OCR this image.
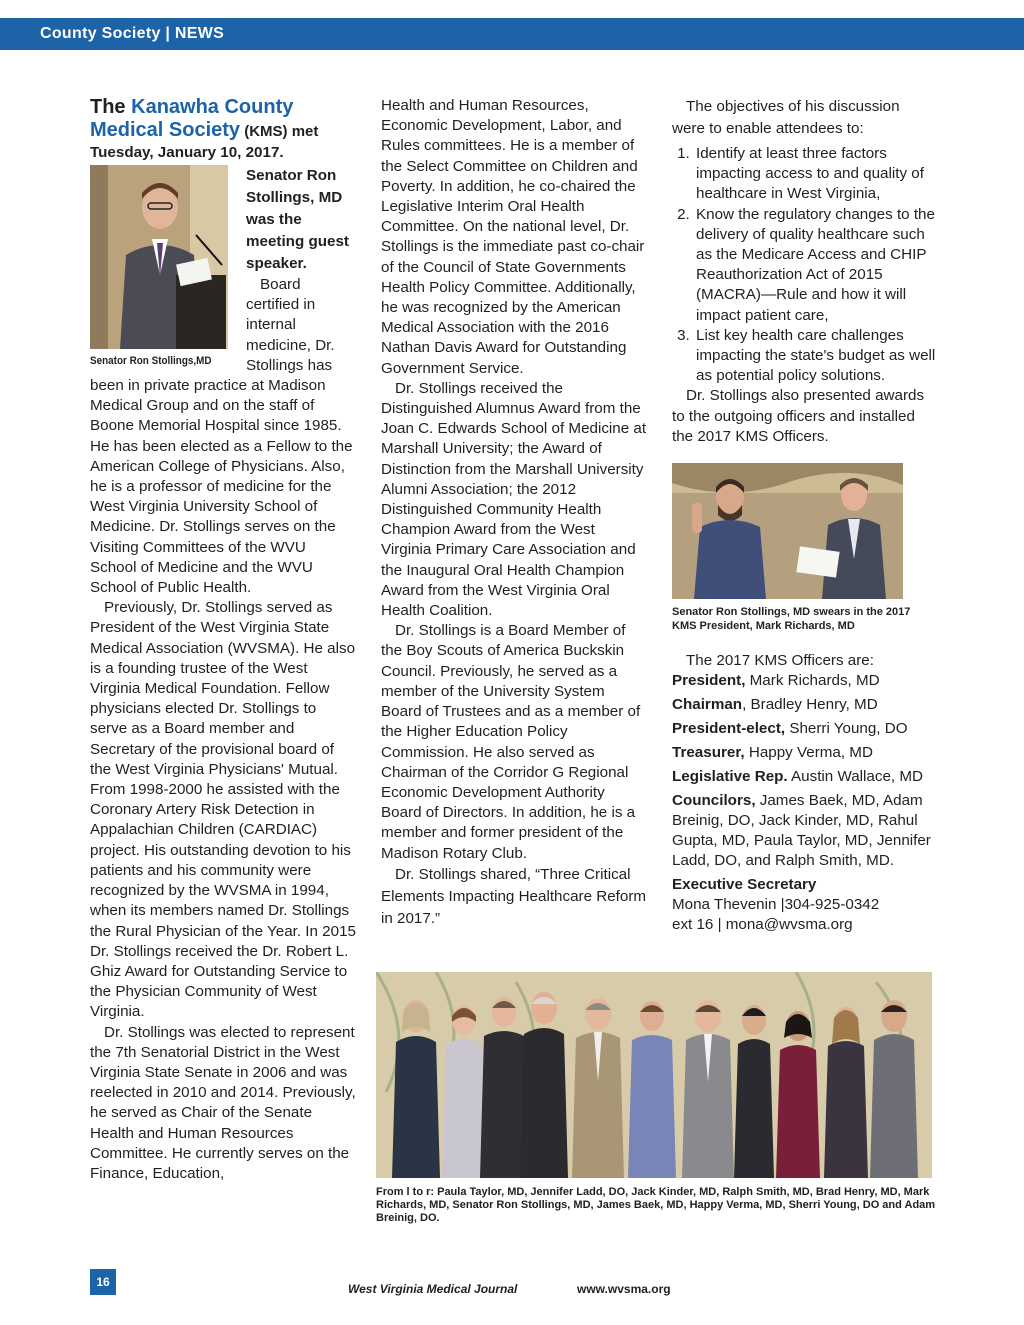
County Society | NEWS

The Kanawha County Medical Society (KMS) met

Tuesday, January 10, 2017.

Senator Ron Stollings,MD

Senator Ron Stollings, MD was the meeting guest speaker.

Board certified in internal medicine, Dr. Stollings has been in private practice at Madison Medical Group and on the staff of Boone Memorial Hospital since 1985. He has been elected as a Fellow to the American College of Physicians. Also, he is a professor of medicine for the West Virginia University School of Medicine. Dr. Stollings serves on the Visiting Committees of the WVU School of Medicine and the WVU School of Public Health.

Previously, Dr. Stollings served as President of the West Virginia State Medical Association (WVSMA). He also is a founding trustee of the West Virginia Medical Foundation. Fellow physicians elected Dr. Stollings to serve as a Board member and Secretary of the provisional board of the West Virginia Physicians' Mutual. From 1998-2000 he assisted with the Coronary Artery Risk Detection in Appalachian Children (CARDIAC) project. His outstanding devotion to his patients and his community were recognized by the WVSMA in 1994, when its members named Dr. Stollings the Rural Physician of the Year. In 2015 Dr. Stollings received the Dr. Robert L. Ghiz Award for Outstanding Service to the Physician Community of West Virginia.

Dr. Stollings was elected to represent the 7th Senatorial District in the West Virginia State Senate in 2006 and was reelected in 2010 and 2014. Previously, he served as Chair of the Senate Health and Human Resources Committee. He currently serves on the Finance, Education,

Health and Human Resources, Economic Development, Labor, and Rules committees. He is a member of the Select Committee on Children and Poverty. In addition, he co-chaired the Legislative Interim Oral Health Committee. On the national level, Dr. Stollings is the immediate past co-chair of the Council of State Governments Health Policy Committee. Additionally, he was recognized by the American Medical Association with the 2016 Nathan Davis Award for Outstanding Government Service.

Dr. Stollings received the Distinguished Alumnus Award from the Joan C. Edwards School of Medicine at Marshall University; the Award of Distinction from the Marshall University Alumni Association; the 2012 Distinguished Community Health Champion Award from the West Virginia Primary Care Association and the Inaugural Oral Health Champion Award from the West Virginia Oral Health Coalition.

Dr. Stollings is a Board Member of the Boy Scouts of America Buckskin Council. Previously, he served as a member of the University System Board of Trustees and as a member of the Higher Education Policy Commission. He also served as Chairman of the Corridor G Regional Economic Development Authority Board of Directors. In addition, he is a member and former president of the Madison Rotary Club.

Dr. Stollings shared, “Three Critical Elements Impacting Healthcare Reform in 2017.”

The objectives of his discussion were to enable attendees to:

1. Identify at least three factors impacting access to and quality of healthcare in West Virginia,
2. Know the regulatory changes to the delivery of quality healthcare such as the Medicare Access and CHIP Reauthorization Act of 2015 (MACRA)—Rule and how it will impact patient care,
3. List key health care challenges impacting the state's budget as well as potential policy solutions.

Dr. Stollings also presented awards to the outgoing officers and installed the 2017 KMS Officers.

Senator Ron Stollings, MD swears in the 2017 KMS President, Mark Richards, MD

The 2017 KMS Officers are:

President, Mark Richards, MD

Chairman, Bradley Henry, MD

President-elect, Sherri Young, DO

Treasurer, Happy Verma, MD

Legislative Rep. Austin Wallace, MD

Councilors, James Baek, MD, Adam Breinig, DO, Jack Kinder, MD, Rahul Gupta, MD, Paula Taylor, MD, Jennifer Ladd, DO, and Ralph Smith, MD.

Executive Secretary

Mona Thevenin |304-925-0342

ext 16 | mona@wvsma.org

From l to r: Paula Taylor, MD, Jennifer Ladd, DO, Jack Kinder, MD, Ralph Smith, MD, Brad Henry, MD, Mark Richards, MD, Senator Ron Stollings, MD, James Baek, MD, Happy Verma, MD, Sherri Young, DO and Adam Breinig, DO.

16	West Virginia Medical Journal	www.wvsma.org
